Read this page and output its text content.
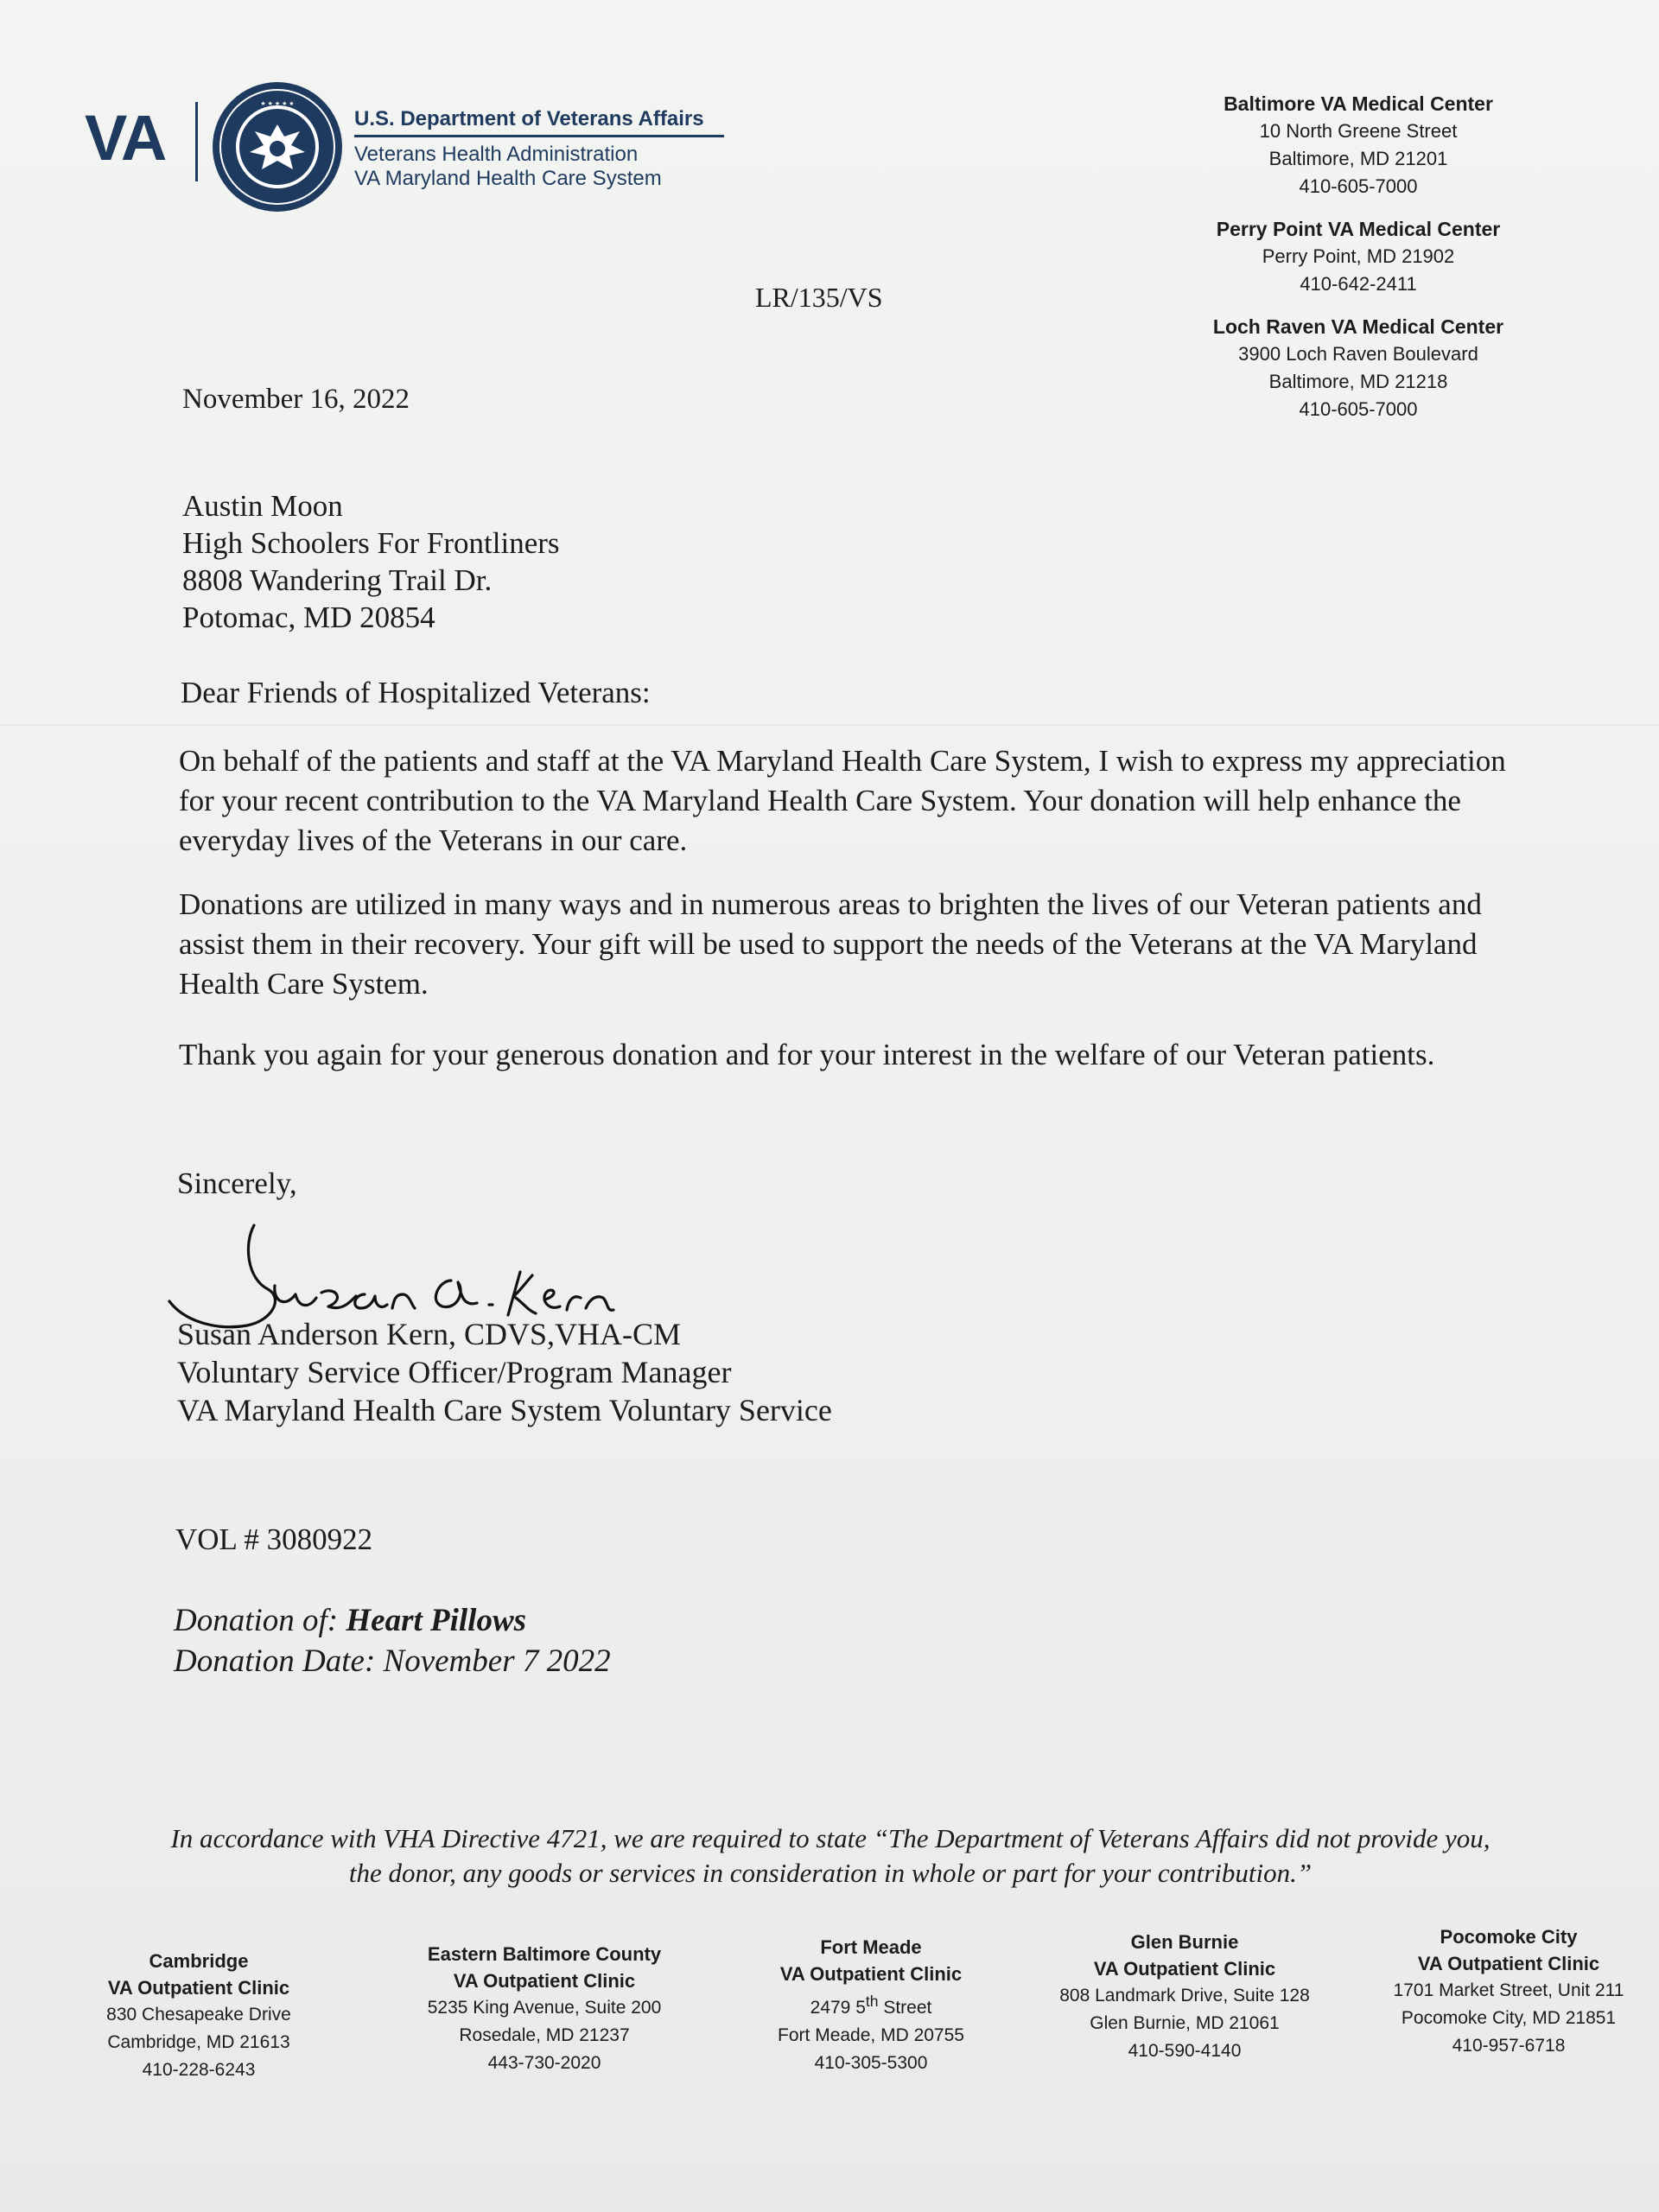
VA	★ ★ ★ ★ ★
U.S. Department of Veterans Affairs
Veterans Health Administration
VA Maryland Health Care System
Baltimore VA Medical Center
10 North Greene Street
Baltimore, MD 21201
410-605-7000
Perry Point VA Medical Center
Perry Point, MD 21902
410-642-2411
Loch Raven VA Medical Center
3900 Loch Raven Boulevard
Baltimore, MD 21218
410-605-7000
LR/135/VS
November 16, 2022
Austin Moon
High Schoolers For Frontliners
8808 Wandering Trail Dr.
Potomac, MD 20854
Dear Friends of Hospitalized Veterans:
On behalf of the patients and staff at the VA Maryland Health Care System, I wish to express my appreciation for your recent contribution to the VA Maryland Health Care System. Your donation will help enhance the everyday lives of the Veterans in our care.
Donations are utilized in many ways and in numerous areas to brighten the lives of our Veteran patients and assist them in their recovery. Your gift will be used to support the needs of the Veterans at the VA Maryland Health Care System.
Thank you again for your generous donation and for your interest in the welfare of our Veteran patients.
Sincerely,
Susan Anderson Kern, CDVS,VHA-CM
Voluntary Service Officer/Program Manager
VA Maryland Health Care System Voluntary Service
VOL # 3080922
Donation of: Heart Pillows
Donation Date: November 7 2022
In accordance with VHA Directive 4721, we are required to state “The Department of Veterans Affairs did not provide you, the donor, any goods or services in consideration in whole or part for your contribution.”
Cambridge
VA Outpatient Clinic
830 Chesapeake Drive
Cambridge, MD 21613
410-228-6243
Eastern Baltimore County
VA Outpatient Clinic
5235 King Avenue, Suite 200
Rosedale, MD 21237
443-730-2020
Fort Meade
VA Outpatient Clinic
2479 5th Street
Fort Meade, MD 20755
410-305-5300
Glen Burnie
VA Outpatient Clinic
808 Landmark Drive, Suite 128
Glen Burnie, MD 21061
410-590-4140
Pocomoke City
VA Outpatient Clinic
1701 Market Street, Unit 211
Pocomoke City, MD 21851
410-957-6718
